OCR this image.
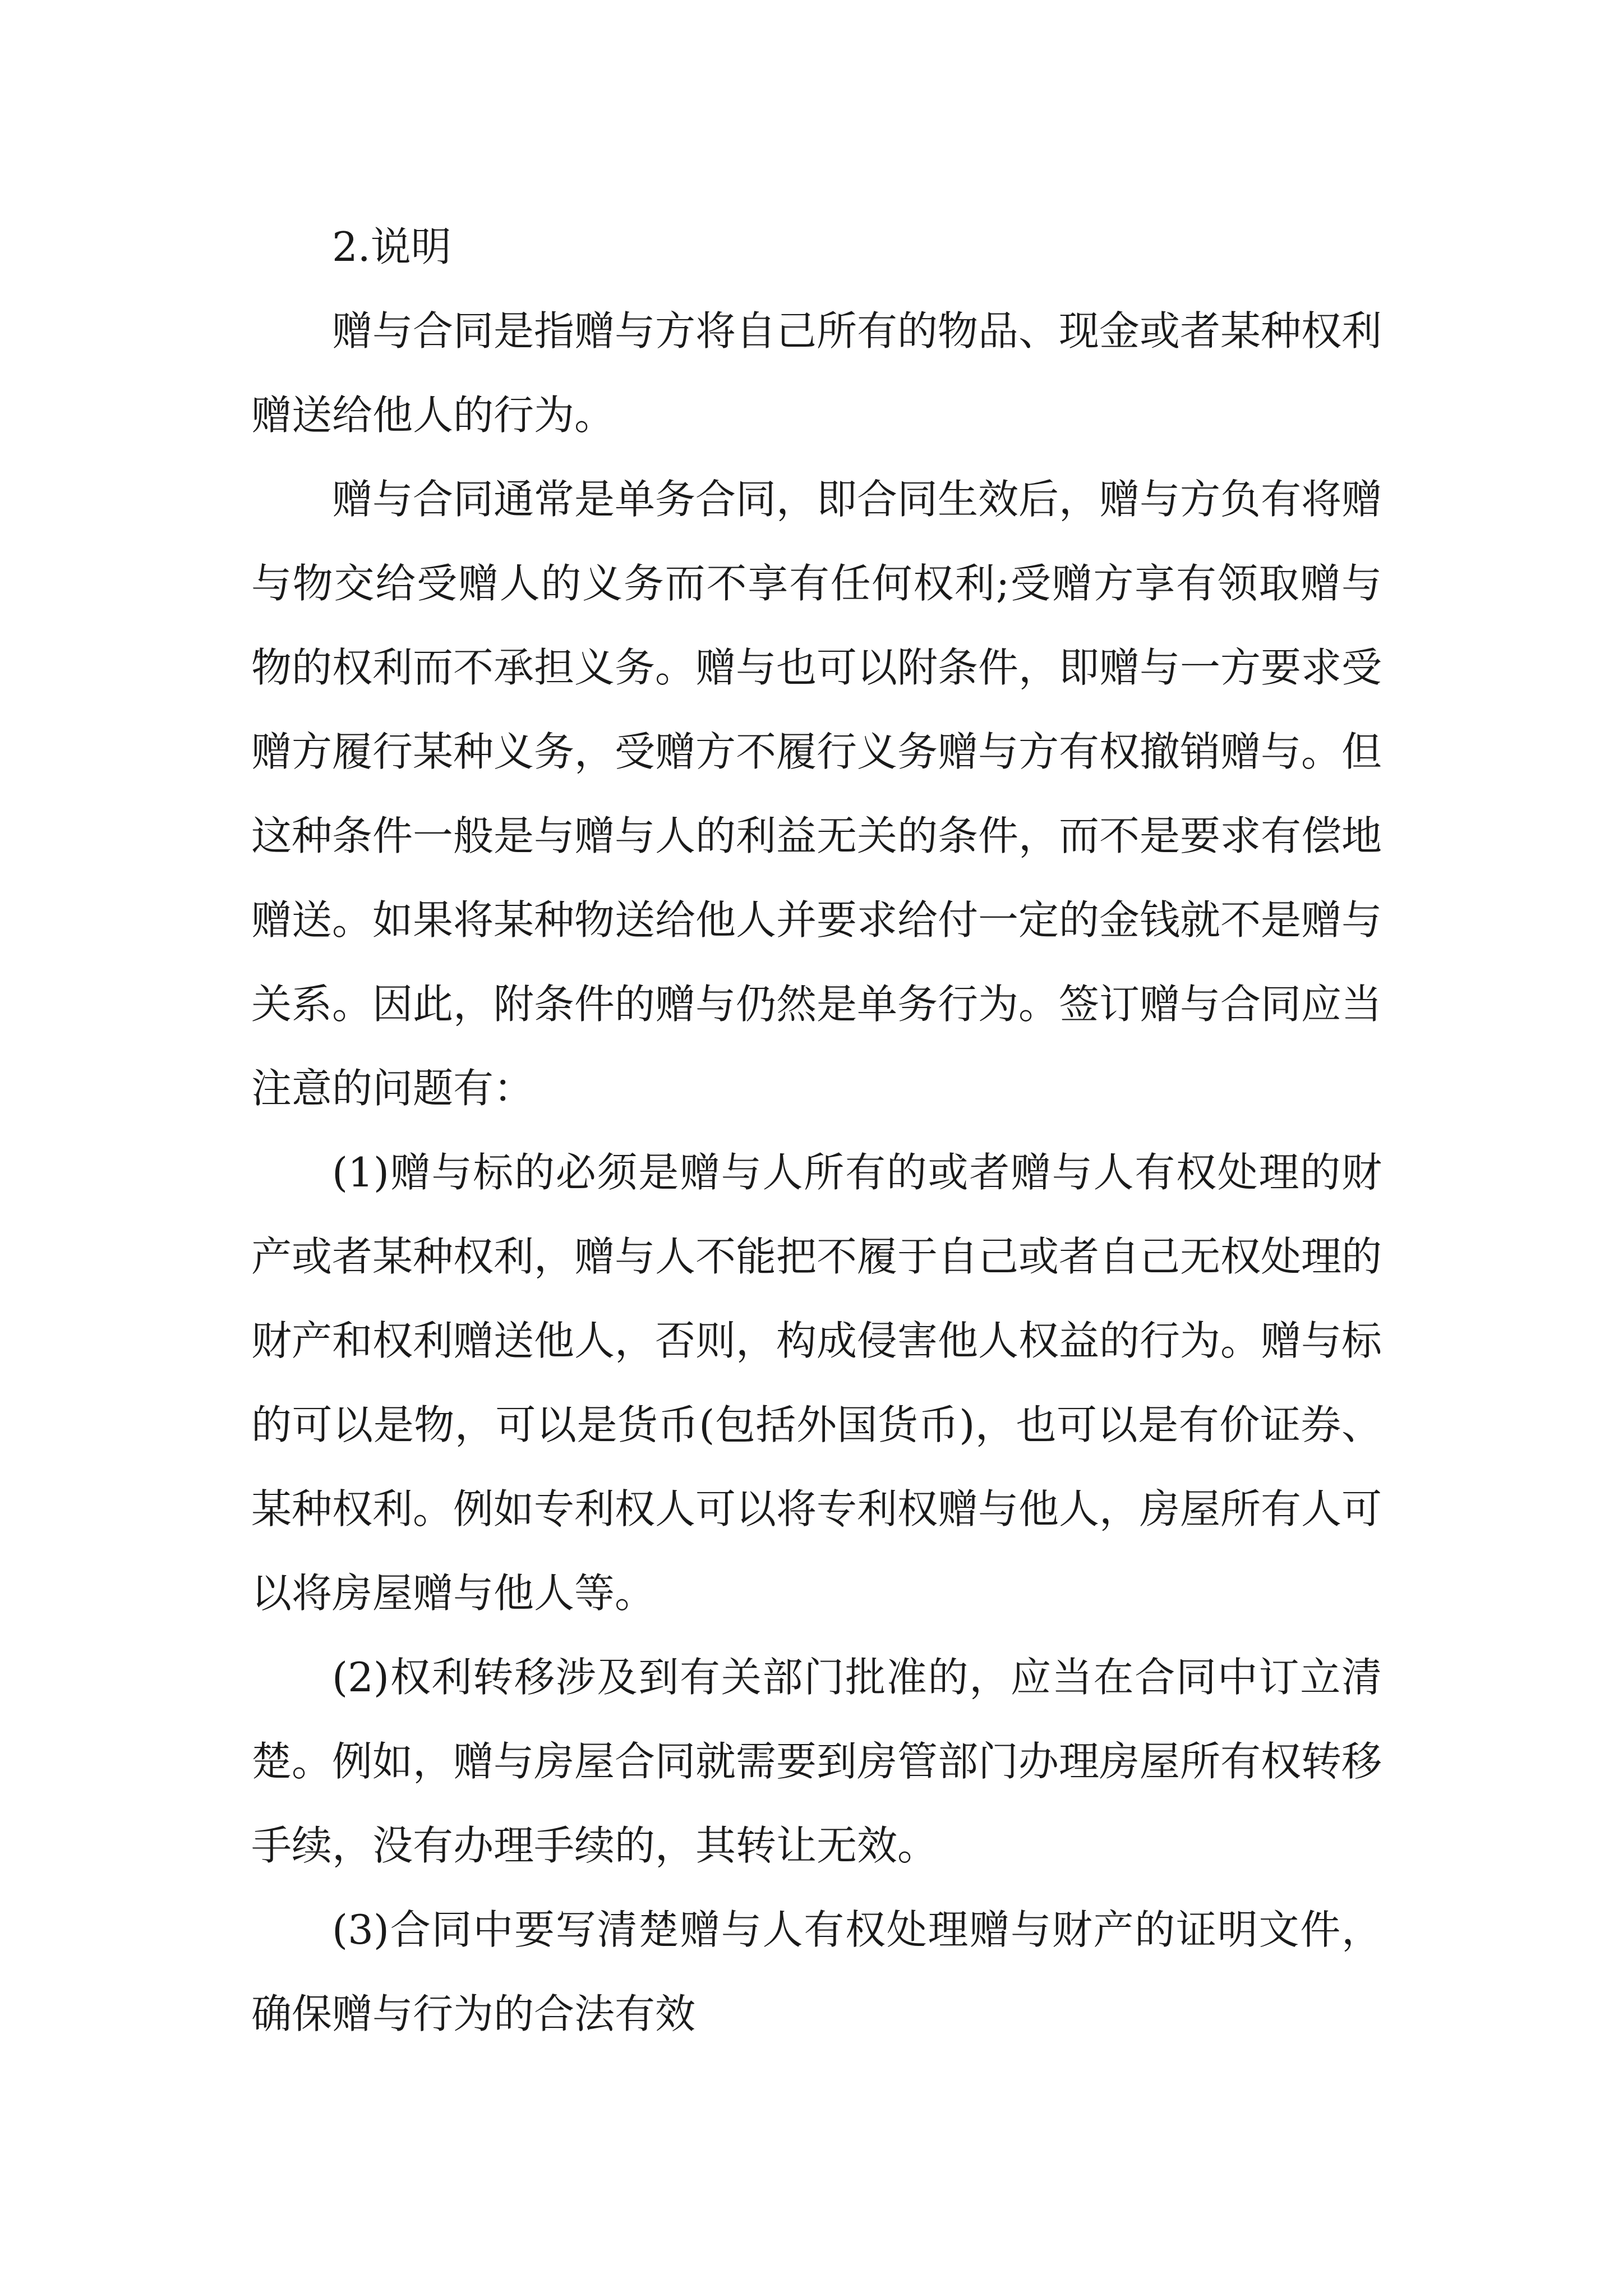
2.说明

赠与合同是指赠与方将自己所有的物品、现金或者某种权利赠送给他人的行为。

赠与合同通常是单务合同，即合同生效后，赠与方负有将赠与物交给受赠人的义务而不享有任何权利;受赠方享有领取赠与物的权利而不承担义务。赠与也可以附条件，即赠与一方要求受赠方履行某种义务，受赠方不履行义务赠与方有权撤销赠与。但这种条件一般是与赠与人的利益无关的条件，而不是要求有偿地赠送。如果将某种物送给他人并要求给付一定的金钱就不是赠与关系。因此，附条件的赠与仍然是单务行为。签订赠与合同应当注意的问题有：

(1)赠与标的必须是赠与人所有的或者赠与人有权处理的财产或者某种权利，赠与人不能把不履于自己或者自己无权处理的财产和权利赠送他人，否则，构成侵害他人权益的行为。赠与标的可以是物，可以是货币(包括外国货币)，也可以是有价证券、某种权利。例如专利权人可以将专利权赠与他人，房屋所有人可以将房屋赠与他人等。

(2)权利转移涉及到有关部门批准的，应当在合同中订立清楚。例如，赠与房屋合同就需要到房管部门办理房屋所有权转移手续，没有办理手续的，其转让无效。

(3)合同中要写清楚赠与人有权处理赠与财产的证明文件，确保赠与行为的合法有效
